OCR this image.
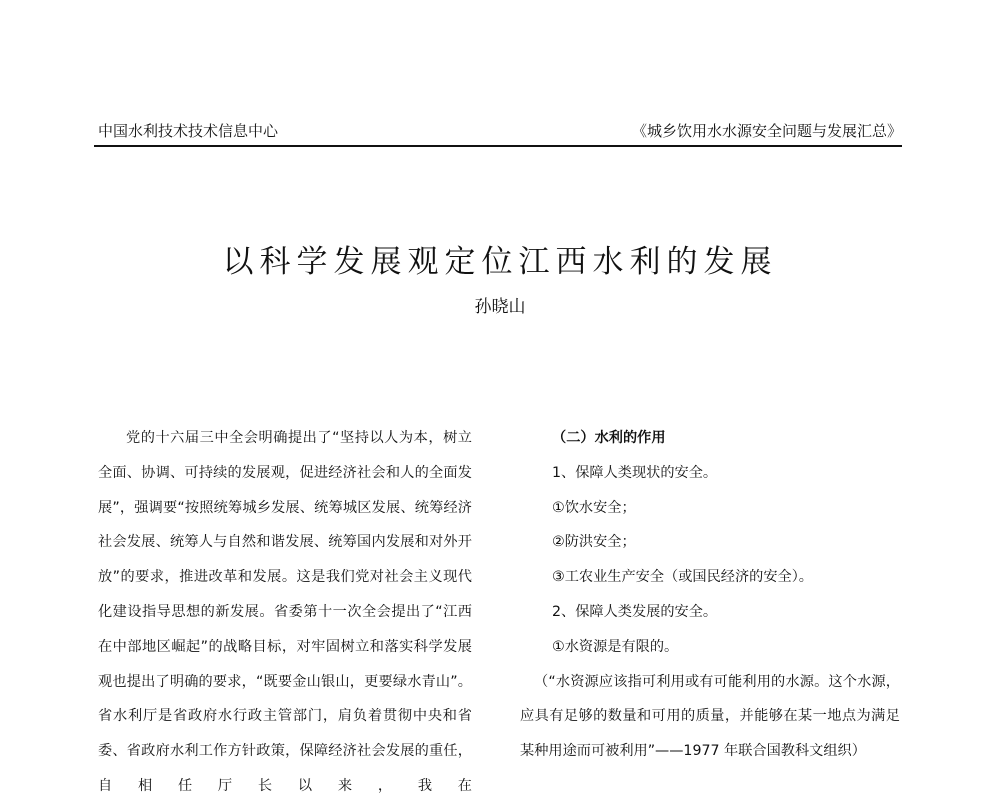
中国水利技术技术信息中心	《城乡饮用水水源安全问题与发展汇总》
以科学发展观定位江西水利的发展
孙晓山

党的十六届三中全会明确提出了“坚持以人为本，树立全面、协调、可持续的发展观，促进经济社会和人的全面发展”，强调要“按照统筹城乡发展、统筹城区发展、统筹经济社会发展、统筹人与自然和谐发展、统筹国内发展和对外开放”的要求，推进改革和发展。这是我们党对社会主义现代化建设指导思想的新发展。省委第十一次全会提出了“江西在中部地区崛起”的战略目标，对牢固树立和落实科学发展观也提出了明确的要求，“既要金山银山，更要绿水青山”。省水利厅是省政府水行政主管部门，肩负着贯彻中央和省委、省政府水利工作方针政策，保障经济社会发展的重任，自相任厅长以来，我在

（二）水利的作用
1、保障人类现状的安全。
①饮水安全；
②防洪安全；
③工农业生产安全（或国民经济的安全）。
2、保障人类发展的安全。
①水资源是有限的。

（“水资源应该指可利用或有可能利用的水源。这个水源，应具有足够的数量和可用的质量，并能够在某一地点为满足某种用途而可被利用”——1977 年联合国教科文组织）
